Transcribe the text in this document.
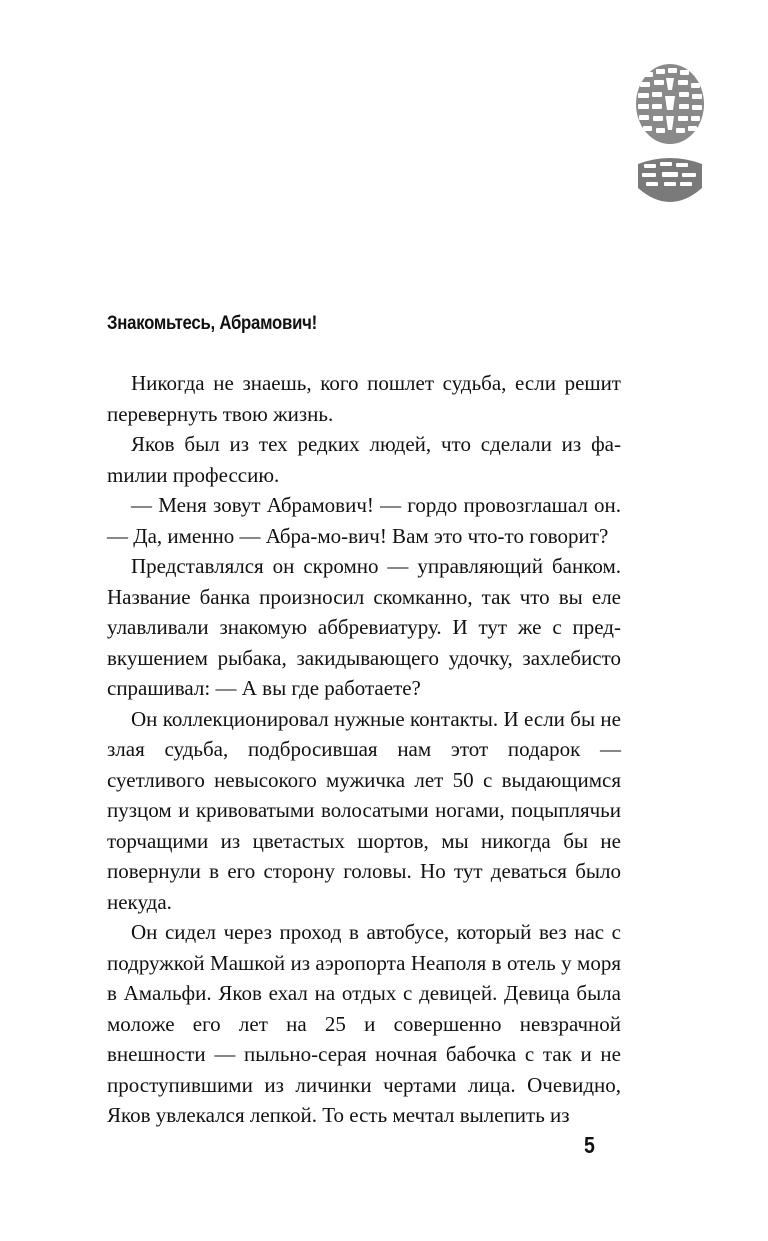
Знакомьтесь, Абрамович!

Никогда не знаешь, кого пошлет судьба, если решит перевернуть твою жизнь.

Яков был из тех редких людей, что сделали из фаmилии профессию.

— Меня зовут Абрамович! — гордо провозглашал он. — Да, именно — Абра-мо-вич! Вам это что-то говорит?

Представлялся он скромно — управляющий банком. Название банка произносил скомканно, так что вы еле улавливали знакомую аббревиатуру. И тут же с предвкушением рыбака, закидывающего удочку, захлебисто спрашивал: — А вы где работаете?

Он коллекционировал нужные контакты. И если бы не злая судьба, подбросившая нам этот подарок — суетливого невысокого мужичка лет 50 с выдающимся пузцом и кривоватыми волосатыми ногами, поцыплячьи торчащими из цветастых шортов, мы никогда бы не повернули в его сторону головы. Но тут деваться было некуда.

Он сидел через проход в автобусе, который вез нас с подружкой Машкой из аэропорта Неаполя в отель у моря в Амальфи. Яков ехал на отдых с девицей. Девица была моложе его лет на 25 и совершенно невзрачной внешности — пыльно-серая ночная бабочка с так и не проступившими из личинки чертами лица. Очевидно, Яков увлекался лепкой. То есть мечтал вылепить из

5
